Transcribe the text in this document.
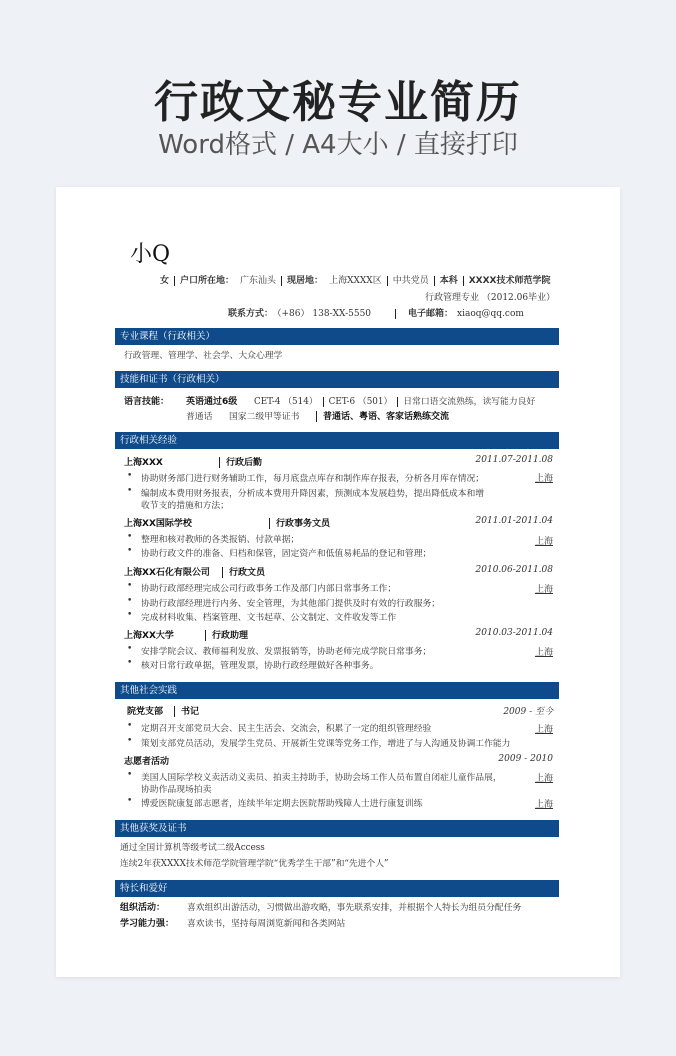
行政文秘专业简历
Word格式 / A4大小 / 直接打印
小Q
女 户口所在地： 广东汕头 现居地： 上海XXXX区 中共党员 本科 XXXX技术师范学院
行政管理专业 （2012.06毕业）
联系方式： （+86） 138-XX-5550	电子邮箱： xiaoq@qq.com
专业课程（行政相关）
行政管理、管理学、社会学、大众心理学
技能和证书（行政相关）
语言技能： 英语通过6级 CET-4 （514） CET-6 （501） 日常口语交流熟练，读写能力良好
普通话 国家二级甲等证书	普通话、粤语、客家话熟练交流
行政相关经验
上海XXX	行政后勤	2011.07-2011.08
• 协助财务部门进行财务辅助工作，每月底盘点库存和制作库存报表，分析各月库存情况；	上海
• 编制成本费用财务报表，分析成本费用升降因素，预测成本发展趋势，提出降低成本和增
收节支的措施和方法；
上海XX国际学校	行政事务文员	2011.01-2011.04
• 整理和核对教师的各类报销、付款单据；	上海
• 协助行政文件的准备、归档和保管，固定资产和低值易耗品的登记和管理；
上海XX石化有限公司	行政文员	2010.06-2011.08
• 协助行政部经理完成公司行政事务工作及部门内部日常事务工作；	上海
• 协助行政部经理进行内务、安全管理，为其他部门提供及时有效的行政服务；
• 完成材料收集、档案管理、文书起草、公文制定、文件收发等工作
上海XX大学	行政助理	2010.03-2011.04
• 安排学院会议、教师福利发放、发票报销等，协助老师完成学院日常事务；	上海
• 核对日常行政单据，管理发票，协助行政经理做好各种事务。
其他社会实践
院党支部	书记	2009 - 至今
• 定期召开支部党员大会、民主生活会、交流会，积累了一定的组织管理经验	上海
• 策划支部党员活动，发展学生党员、开展新生党课等党务工作，增进了与人沟通及协调工作能力
志愿者活动	2009 - 2010
• 美国人国际学校义卖活动义卖员、拍卖主持助手，协助会场工作人员布置自闭症儿童作品展，	上海
协助作品现场拍卖
• 博爱医院康复部志愿者，连续半年定期去医院帮助残障人士进行康复训练	上海
其他获奖及证书
通过全国计算机等级考试二级Access
连续2年获XXXX技术师范学院管理学院“优秀学生干部”和“先进个人”
特长和爱好
组织活动： 喜欢组织出游活动，习惯做出游攻略，事先联系安排，并根据个人特长为组员分配任务
学习能力强： 喜欢读书，坚持每周浏览新闻和各类网站
